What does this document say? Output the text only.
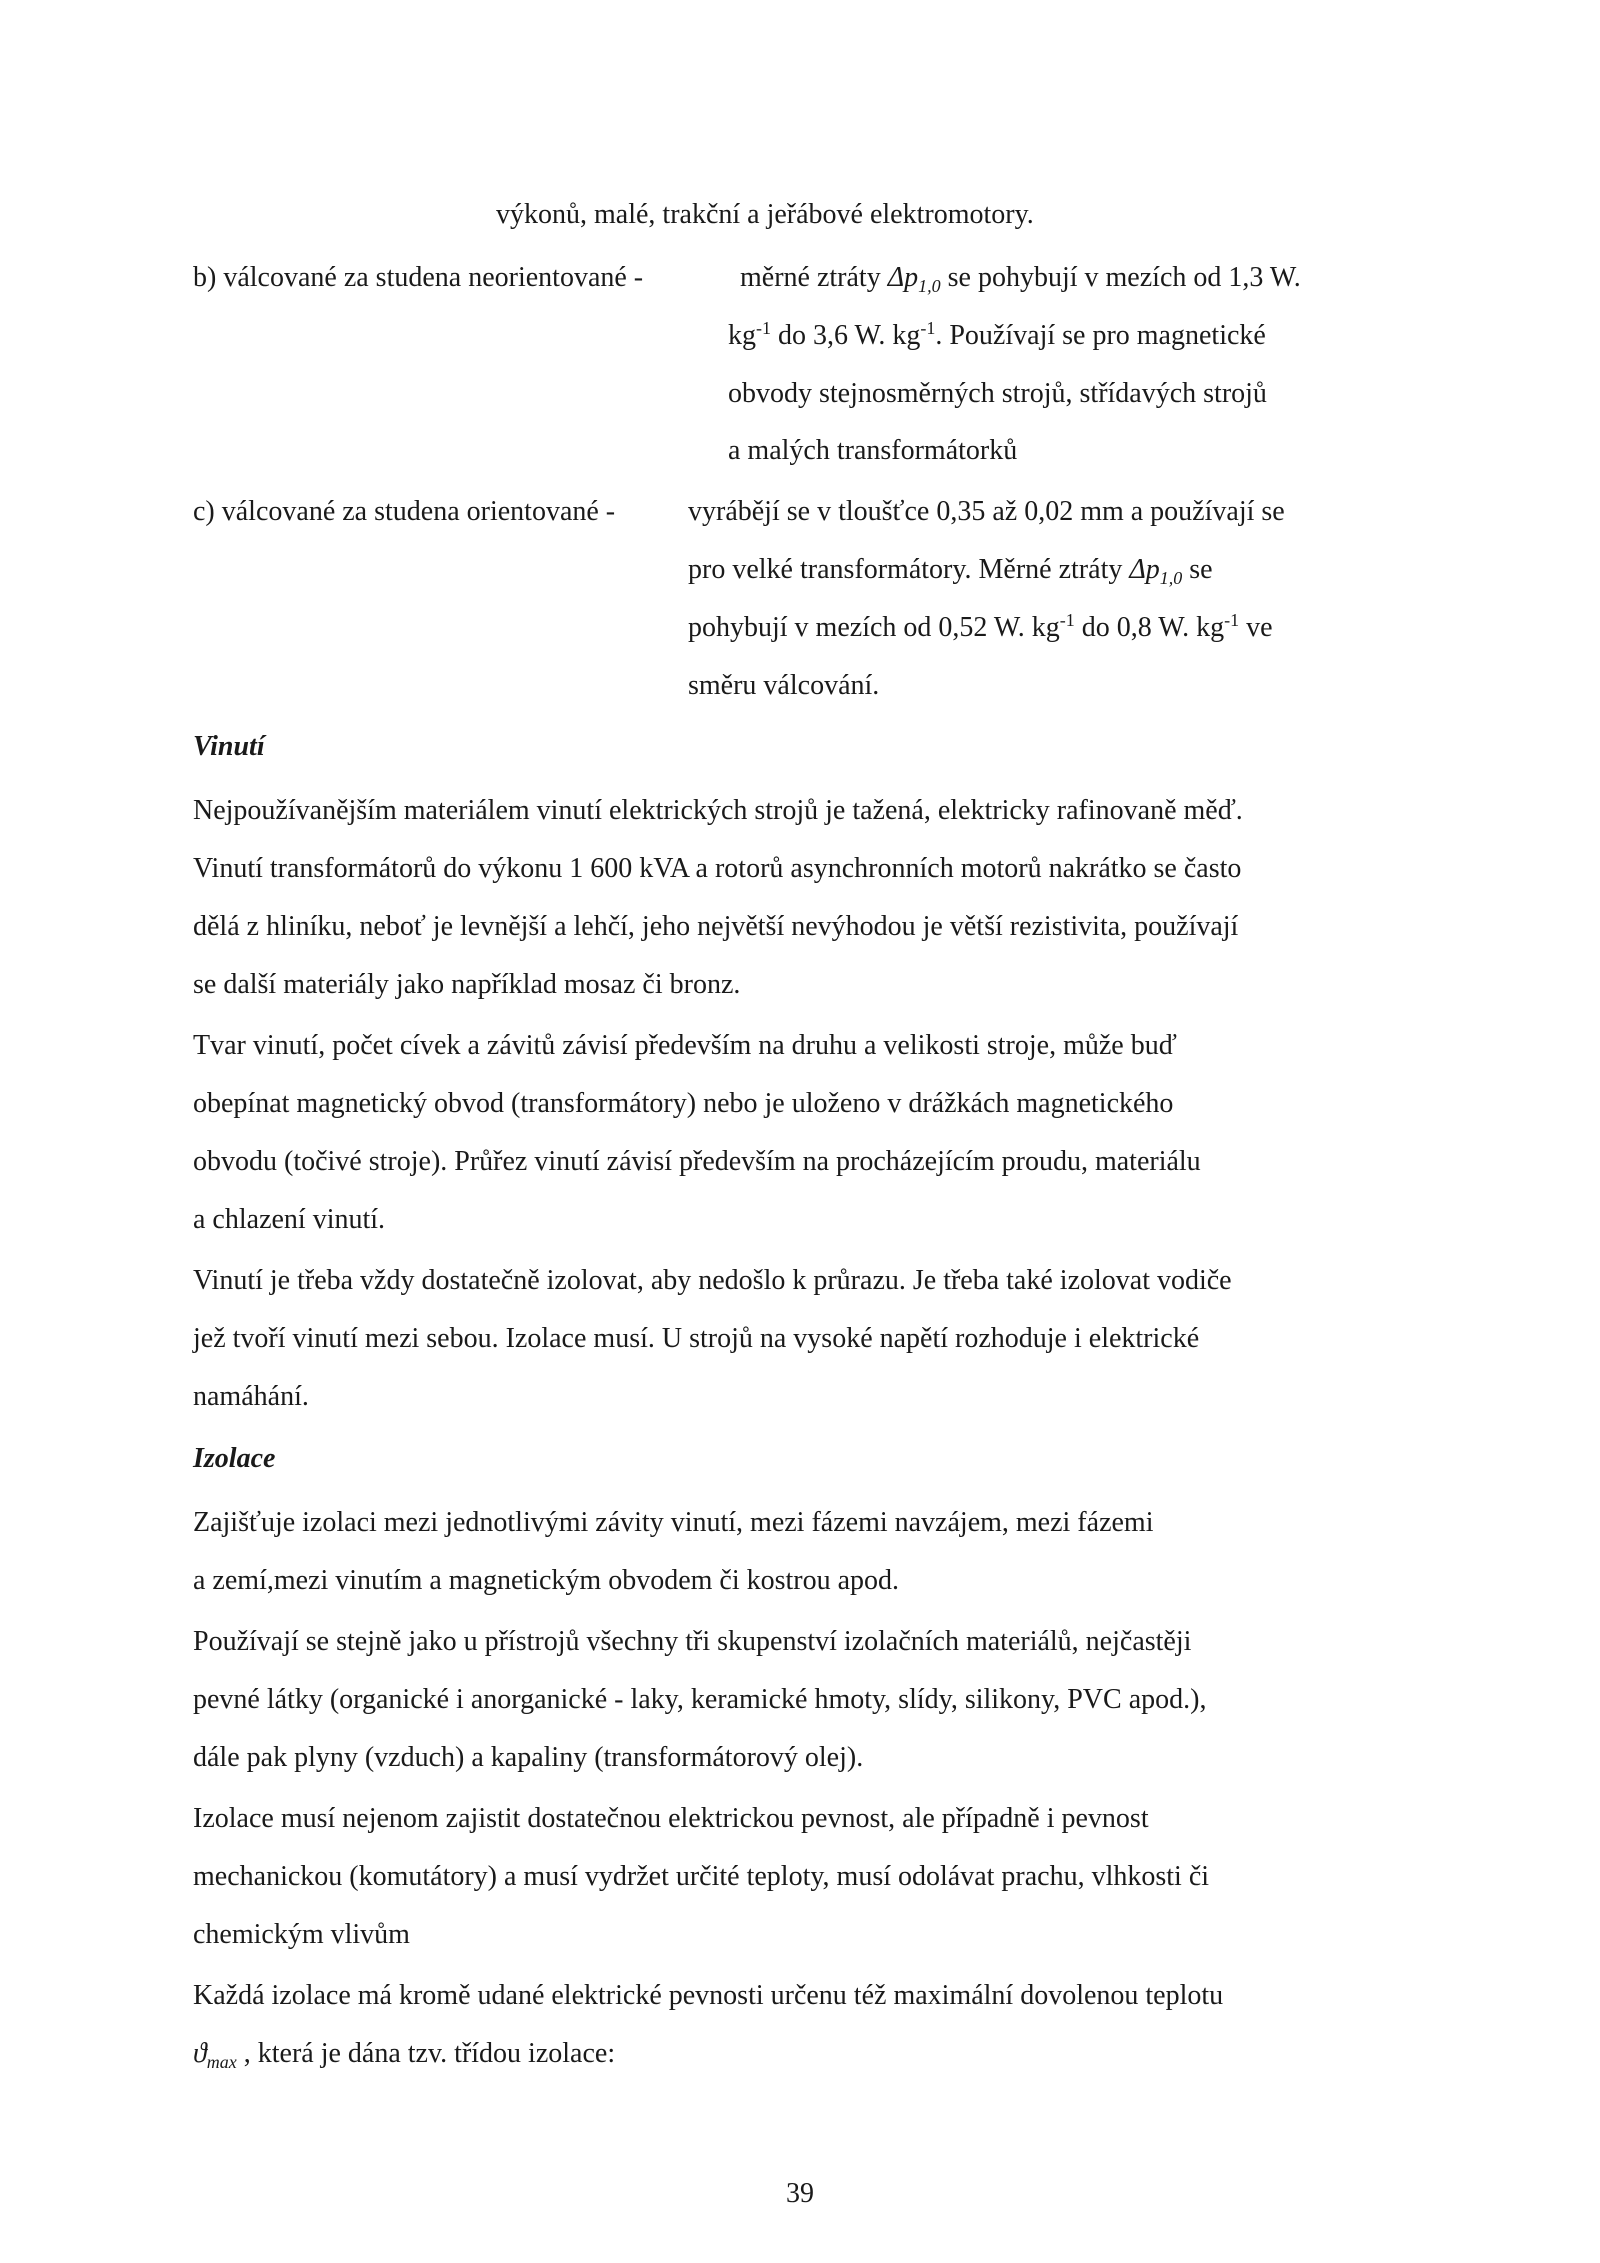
výkonů, malé, trakční a jeřábové elektromotory.
b) válcované za studena neorientované -	měrné ztráty $\Delta p_{1,0}$ se pohybují v mezích od 1,3 W.
$kg^{-1}$ do 3,6 W. $kg^{-1}$. Používají se pro magnetické
obvody stejnosměrných strojů, střídavých strojů
a malých transformátorků
c) válcované za studena orientované -	vyrábějí se v tloušťce 0,35 až 0,02 mm a používají se
pro velké transformátory. Měrné ztráty $\Delta p_{1,0}$ se
pohybují v mezích od 0,52 W. $kg^{-1}$ do 0,8 W. $kg^{-1}$ ve
směru válcování.
Vinutí
Nejpoužívanějším materiálem vinutí elektrických strojů je tažená, elektricky rafinovaně měď.
Vinutí transformátorů do výkonu 1 600 kVA a rotorů asynchronních motorů nakrátko se často
dělá z hliníku, neboť je levnější a lehčí, jeho největší nevýhodou je větší rezistivita, používají
se další materiály jako například mosaz či bronz.
Tvar vinutí, počet cívek a závitů závisí především na druhu a velikosti stroje, může buď
obepínat magnetický obvod (transformátory) nebo je uloženo v drážkách magnetického
obvodu (točivé stroje). Průřez vinutí závisí především na procházejícím proudu, materiálu
a chlazení vinutí.
Vinutí je třeba vždy dostatečně izolovat, aby nedošlo k průrazu. Je třeba také izolovat vodiče
jež tvoří vinutí mezi sebou. Izolace musí. U strojů na vysoké napětí rozhoduje i elektrické
namáhání.
Izolace
Zajišťuje izolaci mezi jednotlivými závity vinutí, mezi fázemi navzájem, mezi fázemi
a zemí,mezi vinutím a magnetickým obvodem či kostrou apod.
Používají se stejně jako u přístrojů všechny tři skupenství izolačních materiálů, nejčastěji
pevné látky (organické i anorganické - laky, keramické hmoty, slídy, silikony, PVC apod.),
dále pak plyny (vzduch) a kapaliny (transformátorový olej).
Izolace musí nejenom zajistit dostatečnou elektrickou pevnost, ale případně i pevnost
mechanickou (komutátory) a musí vydržet určité teploty, musí odolávat prachu, vlhkosti či
chemickým vlivům
Každá izolace má kromě udané elektrické pevnosti určenu též maximální dovolenou teplotu
$ϑ_{max}$ , která je dána tzv. třídou izolace:
39
